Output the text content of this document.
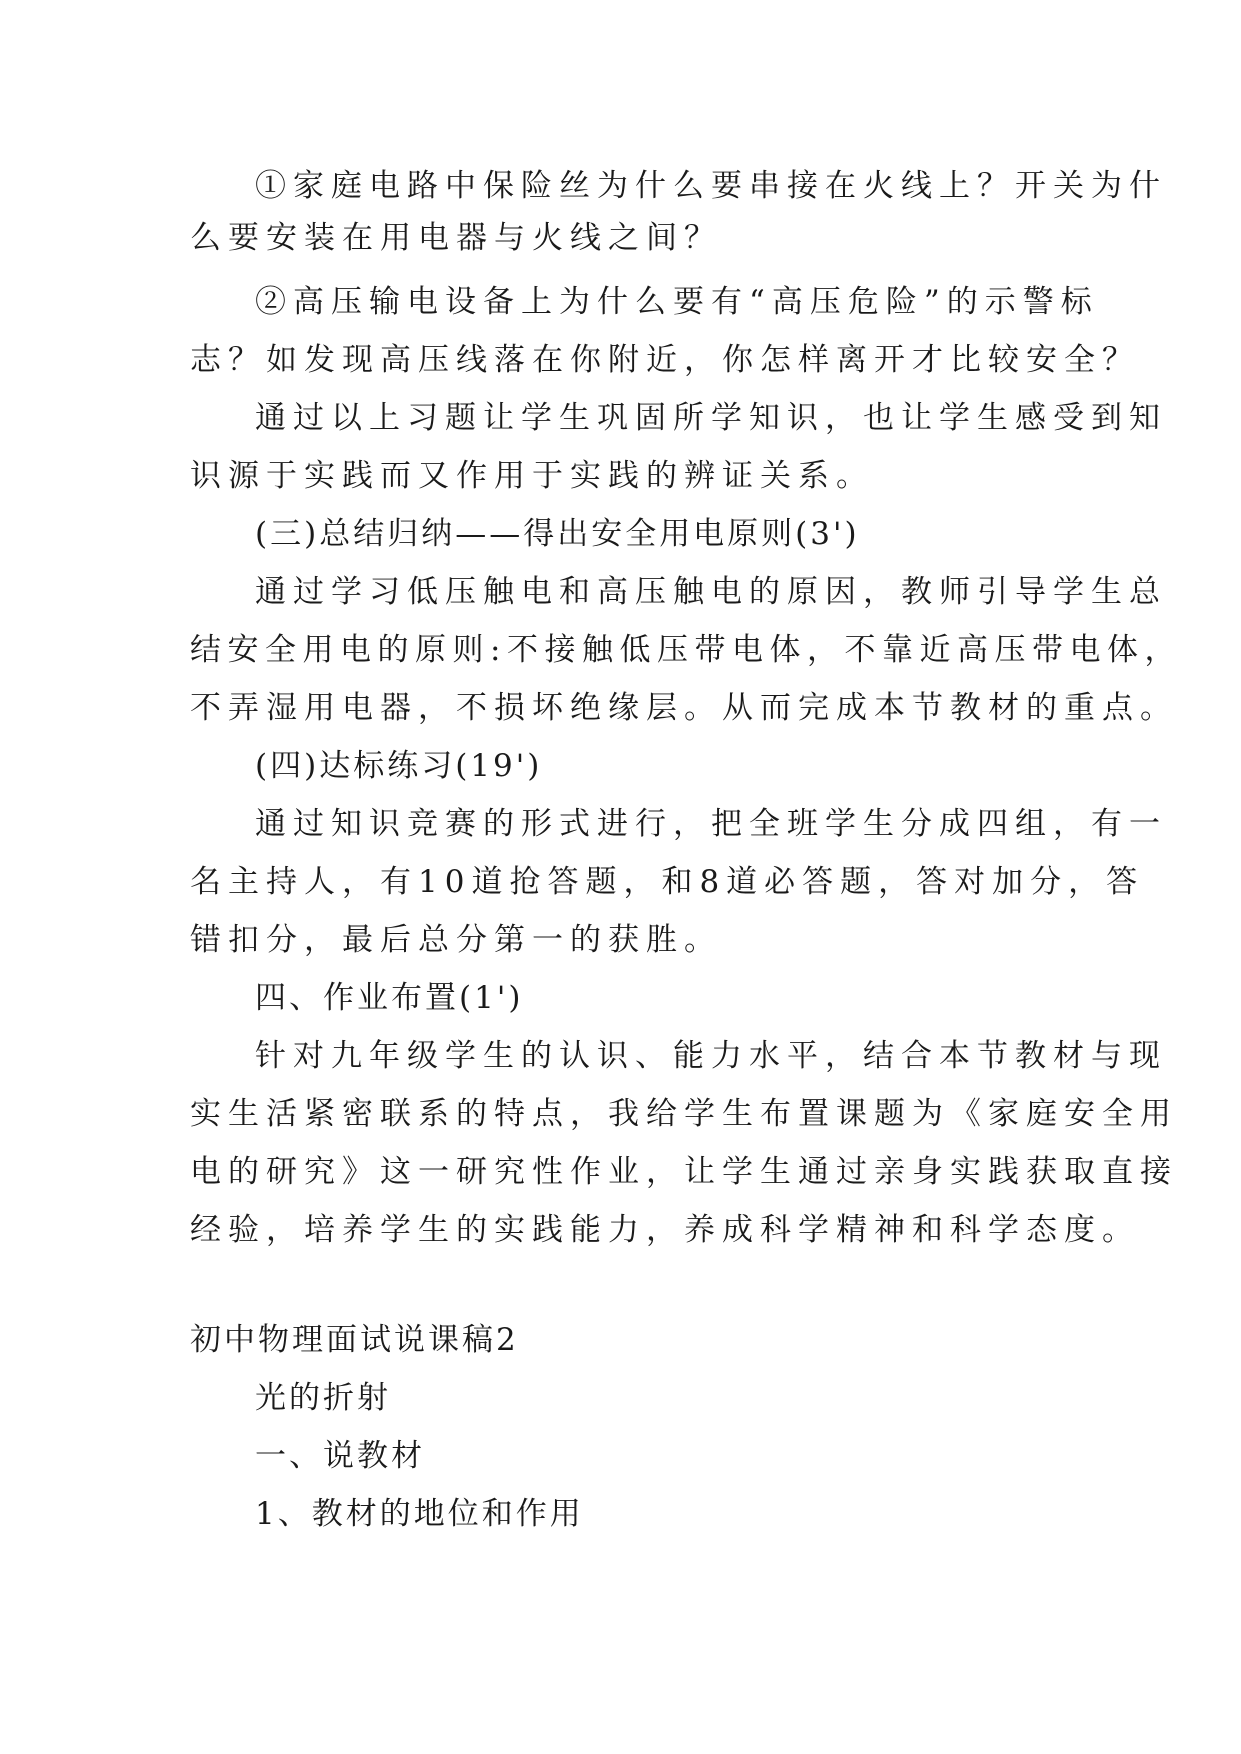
①家庭电路中保险丝为什么要串接在火线上？开关为什
么要安装在用电器与火线之间？
②高压输电设备上为什么要有“高压危险”的示警标
志？如发现高压线落在你附近，你怎样离开才比较安全？
通过以上习题让学生巩固所学知识，也让学生感受到知
识源于实践而又作用于实践的辨证关系。
(三)总结归纳——得出安全用电原则(3')
通过学习低压触电和高压触电的原因，教师引导学生总
结安全用电的原则:不接触低压带电体，不靠近高压带电体，
不弄湿用电器，不损坏绝缘层。从而完成本节教材的重点。
(四)达标练习(19')
通过知识竞赛的形式进行，把全班学生分成四组，有一
名主持人，有10道抢答题，和8道必答题，答对加分，答
错扣分，最后总分第一的获胜。
四、作业布置(1')
针对九年级学生的认识、能力水平，结合本节教材与现
实生活紧密联系的特点，我给学生布置课题为《家庭安全用
电的研究》这一研究性作业，让学生通过亲身实践获取直接
经验，培养学生的实践能力，养成科学精神和科学态度。
初中物理面试说课稿2
光的折射
一、说教材
1、教材的地位和作用
